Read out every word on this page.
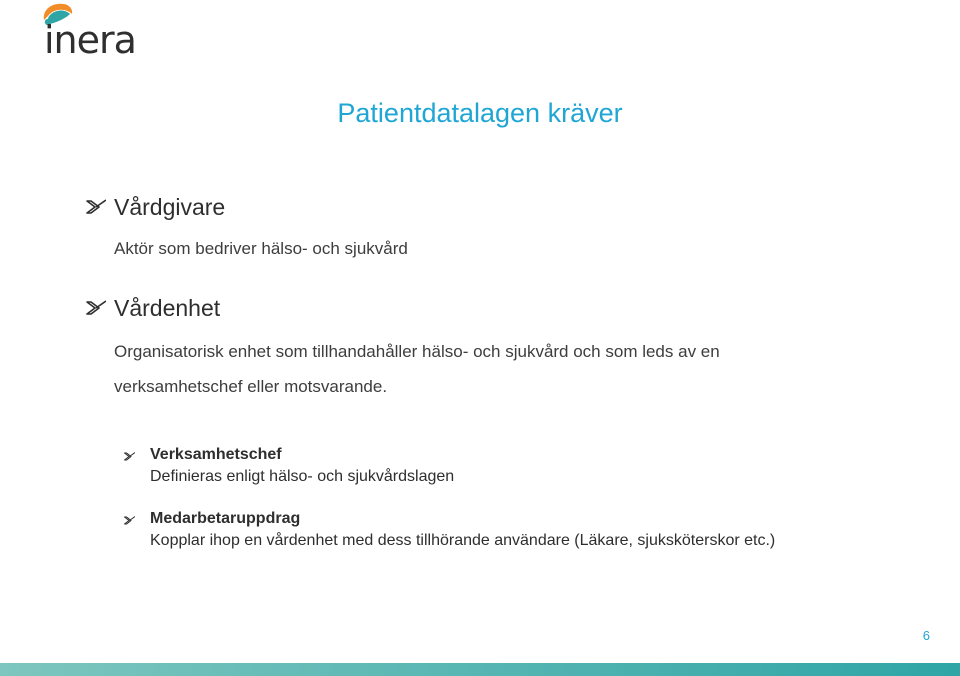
inera
Patientdatalagen kräver
Vårdgivare
Aktör som bedriver hälso- och sjukvård
Vårdenhet
Organisatorisk enhet som tillhandahåller hälso- och sjukvård och som leds av en
verksamhetschef eller motsvarande.
Verksamhetschef
Definieras enligt hälso- och sjukvårdslagen
Medarbetaruppdrag
Kopplar ihop en vårdenhet med dess tillhörande användare (Läkare, sjuksköterskor etc.)
6
